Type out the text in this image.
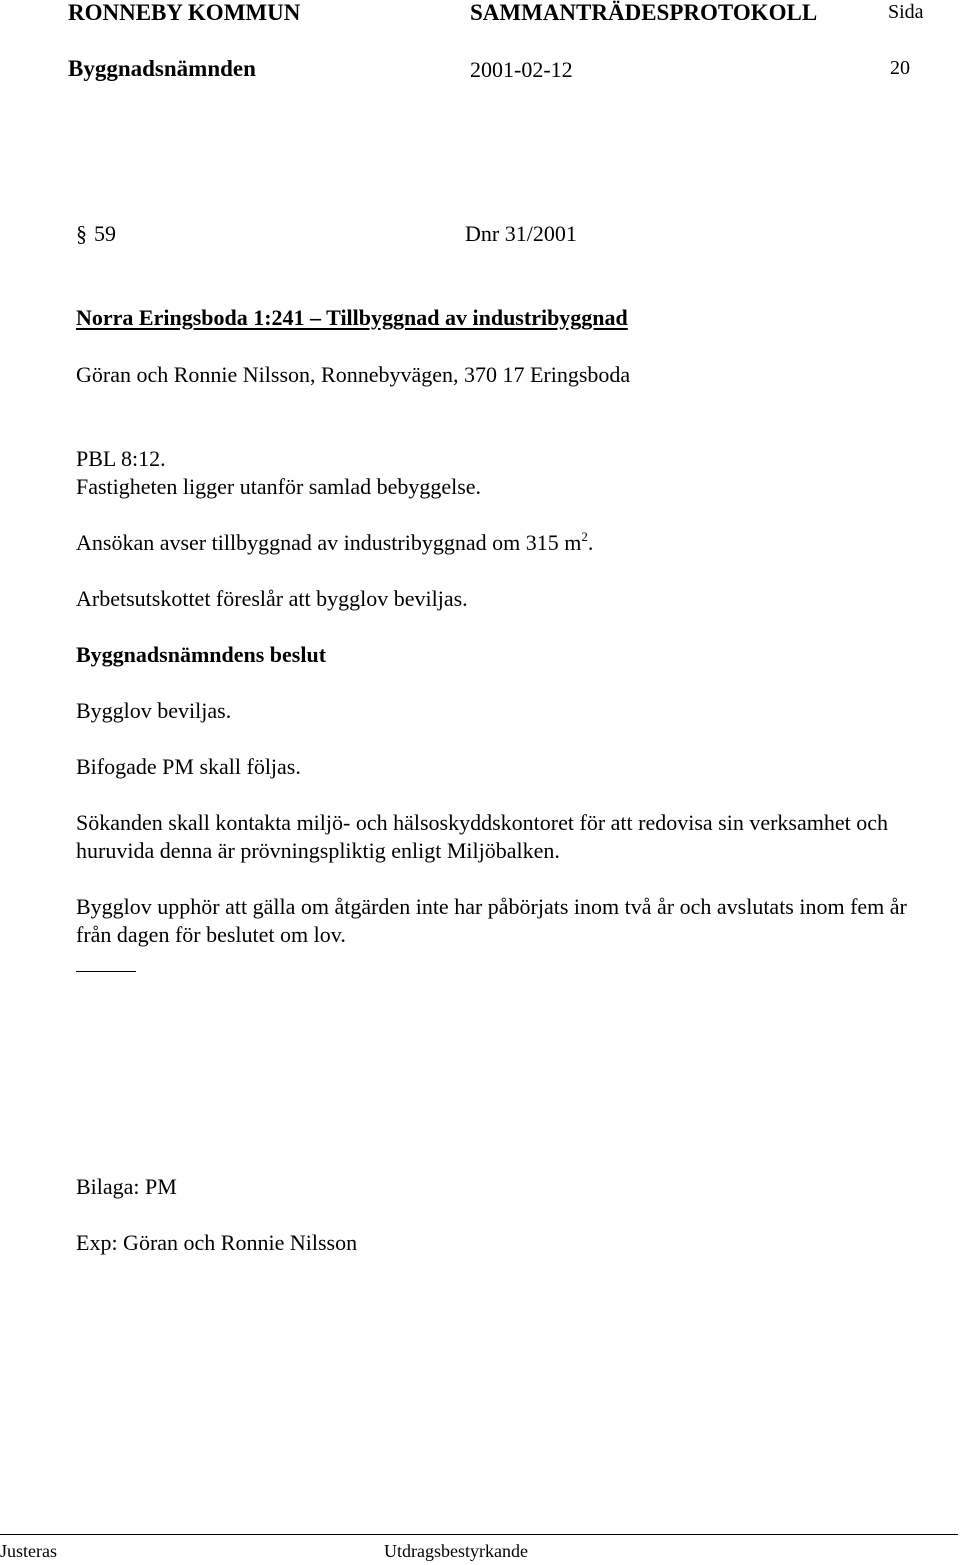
RONNEBY KOMMUN	SAMMANTRÄDESPROTOKOLL	Sida
Byggnadsnämnden	2001-02-12	20
§ 59	Dnr 31/2001
Norra Eringsboda 1:241 – Tillbyggnad av industribyggnad
Göran och Ronnie Nilsson, Ronnebyvägen, 370 17 Eringsboda
PBL 8:12.
Fastigheten ligger utanför samlad bebyggelse.
Ansökan avser tillbyggnad av industribyggnad om 315 $m^2$.
Arbetsutskottet föreslår att bygglov beviljas.
Byggnadsnämndens beslut
Bygglov beviljas.
Bifogade PM skall följas.
Sökanden skall kontakta miljö- och hälsoskyddskontoret för att redovisa sin verksamhet och huruvida denna är prövningspliktig enligt Miljöbalken.
Bygglov upphör att gälla om åtgärden inte har påbörjats inom två år och avslutats inom fem år från dagen för beslutet om lov.
Bilaga: PM
Exp: Göran och Ronnie Nilsson
Justeras	Utdragsbestyrkande
